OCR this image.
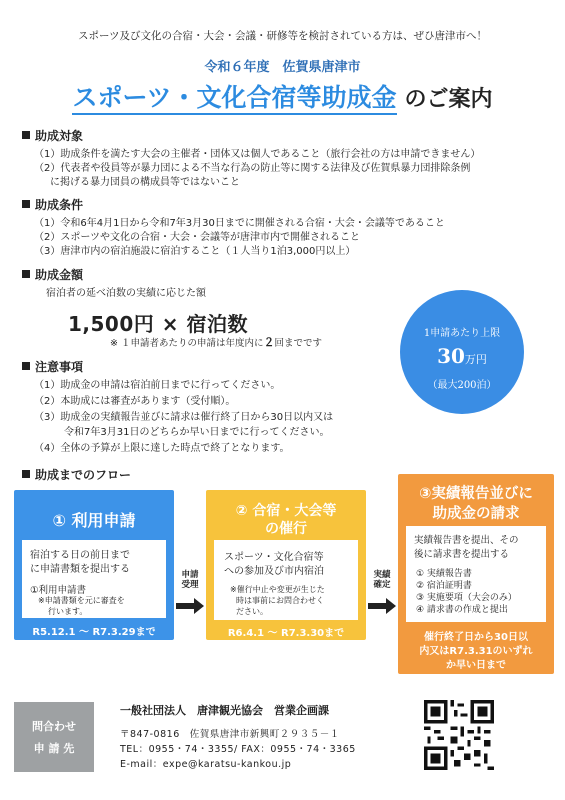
スポーツ及び文化の合宿・大会・会議・研修等を検討されている方は、ぜひ唐津市へ！
令和６年度　佐賀県唐津市
スポーツ・文化合宿等助成金 のご案内
助成対象
（1）助成条件を満たす大会の主催者・団体又は個人であること（旅行会社の方は申請できません）
（2）代表者や役員等が暴力団による不当な行為の防止等に関する法律及び佐賀県暴力団排除条例
に掲げる暴力団員の構成員等ではないこと
助成条件
（1）令和6年4月1日から令和7年3月30日までに開催される合宿・大会・会議等であること
（2）スポーツや文化の合宿・大会・会議等が唐津市内で開催されること
（3）唐津市内の宿泊施設に宿泊すること（１人当り1泊3,000円以上）
助成金額
宿泊者の延べ泊数の実績に応じた額
1,500円 × 宿泊数
※ １申請者あたりの申請は年度内に２回までです
1申請あたり上限
30万円
（最大200泊）
注意事項
（1）助成金の申請は宿泊前日までに行ってください。
（2）本助成には審査があります（受付順）。
（3）助成金の実績報告並びに請求は催行終了日から30日以内又は
令和7年3月31日のどちらか早い日までに行ってください。
（4）全体の予算が上限に達した時点で終了となります。
助成までのフロー
① 利用申請
宿泊する日の前日まで
に申請書類を提出する
①利用申請書
※申請書類を元に審査を
行います。
R5.12.1 ～ R7.3.29まで
申請
受理
② 合宿・大会等
の催行
スポーツ・文化合宿等
への参加及び市内宿泊
※催行中止や変更が生じた
時は事前にお問合わせく
ださい。
R6.4.1 ～ R7.3.30まで
実績
確定
③実績報告並びに
助成金の請求
実績報告書を提出、その
後に請求書を提出する
① 実績報告書
② 宿泊証明書
③ 実施要項（大会のみ）
④ 請求書の作成と提出
催行終了日から30日以
内又はR7.3.31のいずれ
か早い日まで
問合わせ
申 請 先
一般社団法人　唐津観光協会　営業企画課
〒847-0816　佐賀県唐津市新興町２９３５－１
TEL：0955・74・3355/ FAX：0955・74・3365
E-mail：expe@karatsu-kankou.jp
